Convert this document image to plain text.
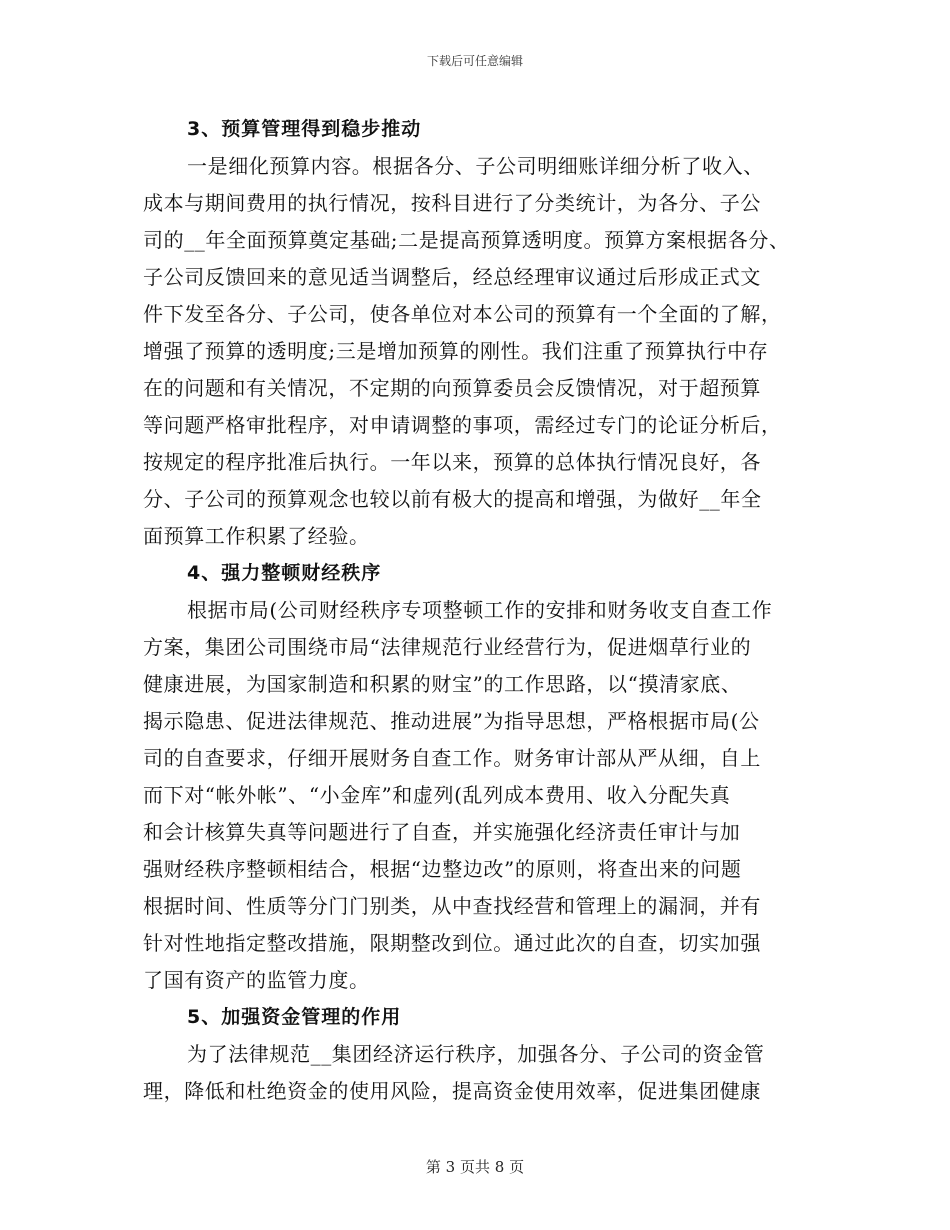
下载后可任意编辑
3、预算管理得到稳步推动
一是细化预算内容。根据各分、子公司明细账详细分析了收入、
成本与期间费用的执行情况，按科目进行了分类统计，为各分、子公
司的__年全面预算奠定基础;二是提高预算透明度。预算方案根据各分、
子公司反馈回来的意见适当调整后，经总经理审议通过后形成正式文
件下发至各分、子公司，使各单位对本公司的预算有一个全面的了解，
增强了预算的透明度;三是增加预算的刚性。我们注重了预算执行中存
在的问题和有关情况，不定期的向预算委员会反馈情况，对于超预算
等问题严格审批程序，对申请调整的事项，需经过专门的论证分析后，
按规定的程序批准后执行。一年以来，预算的总体执行情况良好，各
分、子公司的预算观念也较以前有极大的提高和增强，为做好__年全
面预算工作积累了经验。
4、强力整顿财经秩序
根据市局(公司财经秩序专项整顿工作的安排和财务收支自查工作
方案，集团公司围绕市局“法律规范行业经营行为，促进烟草行业的
健康进展，为国家制造和积累的财宝”的工作思路，以“摸清家底、
揭示隐患、促进法律规范、推动进展”为指导思想，严格根据市局(公
司的自查要求，仔细开展财务自查工作。财务审计部从严从细，自上
而下对“帐外帐”、“小金库”和虚列(乱列成本费用、收入分配失真
和会计核算失真等问题进行了自查，并实施强化经济责任审计与加
强财经秩序整顿相结合，根据“边整边改”的原则，将查出来的问题
根据时间、性质等分门门别类，从中查找经营和管理上的漏洞，并有
针对性地指定整改措施，限期整改到位。通过此次的自查，切实加强
了国有资产的监管力度。
5、加强资金管理的作用
为了法律规范__集团经济运行秩序，加强各分、子公司的资金管
理，降低和杜绝资金的使用风险，提高资金使用效率，促进集团健康
第 3 页共 8 页
